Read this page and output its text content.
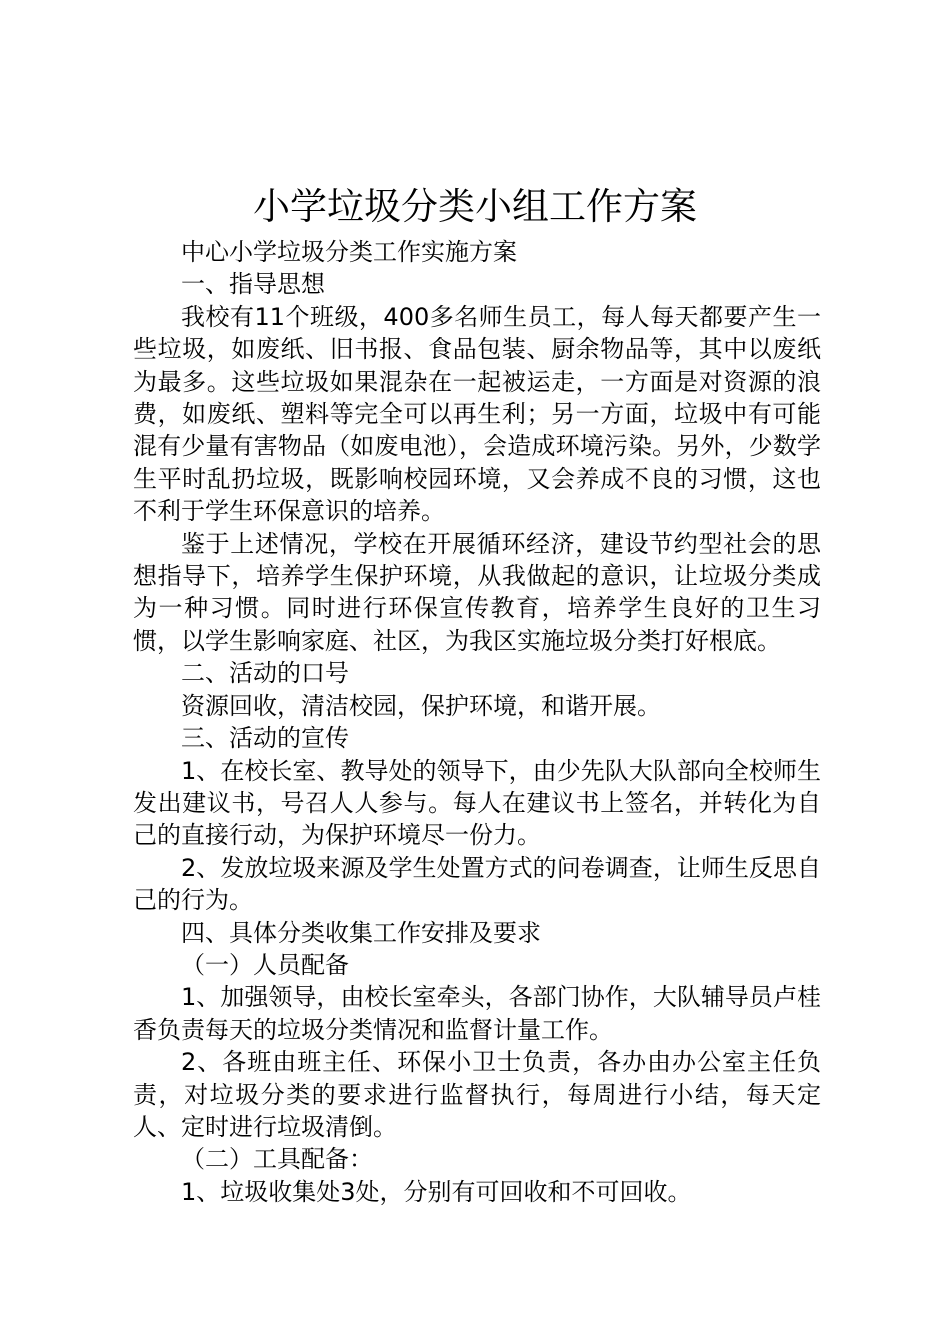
小学垃圾分类小组工作方案

中心小学垃圾分类工作实施方案

一、指导思想

我校有11个班级，400多名师生员工，每人每天都要产生一些垃圾，如废纸、旧书报、食品包装、厨余物品等，其中以废纸为最多。这些垃圾如果混杂在一起被运走，一方面是对资源的浪费，如废纸、塑料等完全可以再生利；另一方面，垃圾中有可能混有少量有害物品（如废电池），会造成环境污染。另外，少数学生平时乱扔垃圾，既影响校园环境，又会养成不良的习惯，这也不利于学生环保意识的培养。

鉴于上述情况，学校在开展循环经济，建设节约型社会的思想指导下，培养学生保护环境，从我做起的意识，让垃圾分类成为一种习惯。同时进行环保宣传教育，培养学生良好的卫生习惯，以学生影响家庭、社区，为我区实施垃圾分类打好根底。

二、活动的口号

资源回收，清洁校园，保护环境，和谐开展。

三、活动的宣传

1、在校长室、教导处的领导下，由少先队大队部向全校师生发出建议书，号召人人参与。每人在建议书上签名，并转化为自己的直接行动，为保护环境尽一份力。

2、发放垃圾来源及学生处置方式的问卷调查，让师生反思自己的行为。

四、具体分类收集工作安排及要求

（一）人员配备

1、加强领导，由校长室牵头，各部门协作，大队辅导员卢桂香负责每天的垃圾分类情况和监督计量工作。

2、各班由班主任、环保小卫士负责，各办由办公室主任负责，对垃圾分类的要求进行监督执行，每周进行小结，每天定人、定时进行垃圾清倒。

（二）工具配备：

1、垃圾收集处3处，分别有可回收和不可回收。
